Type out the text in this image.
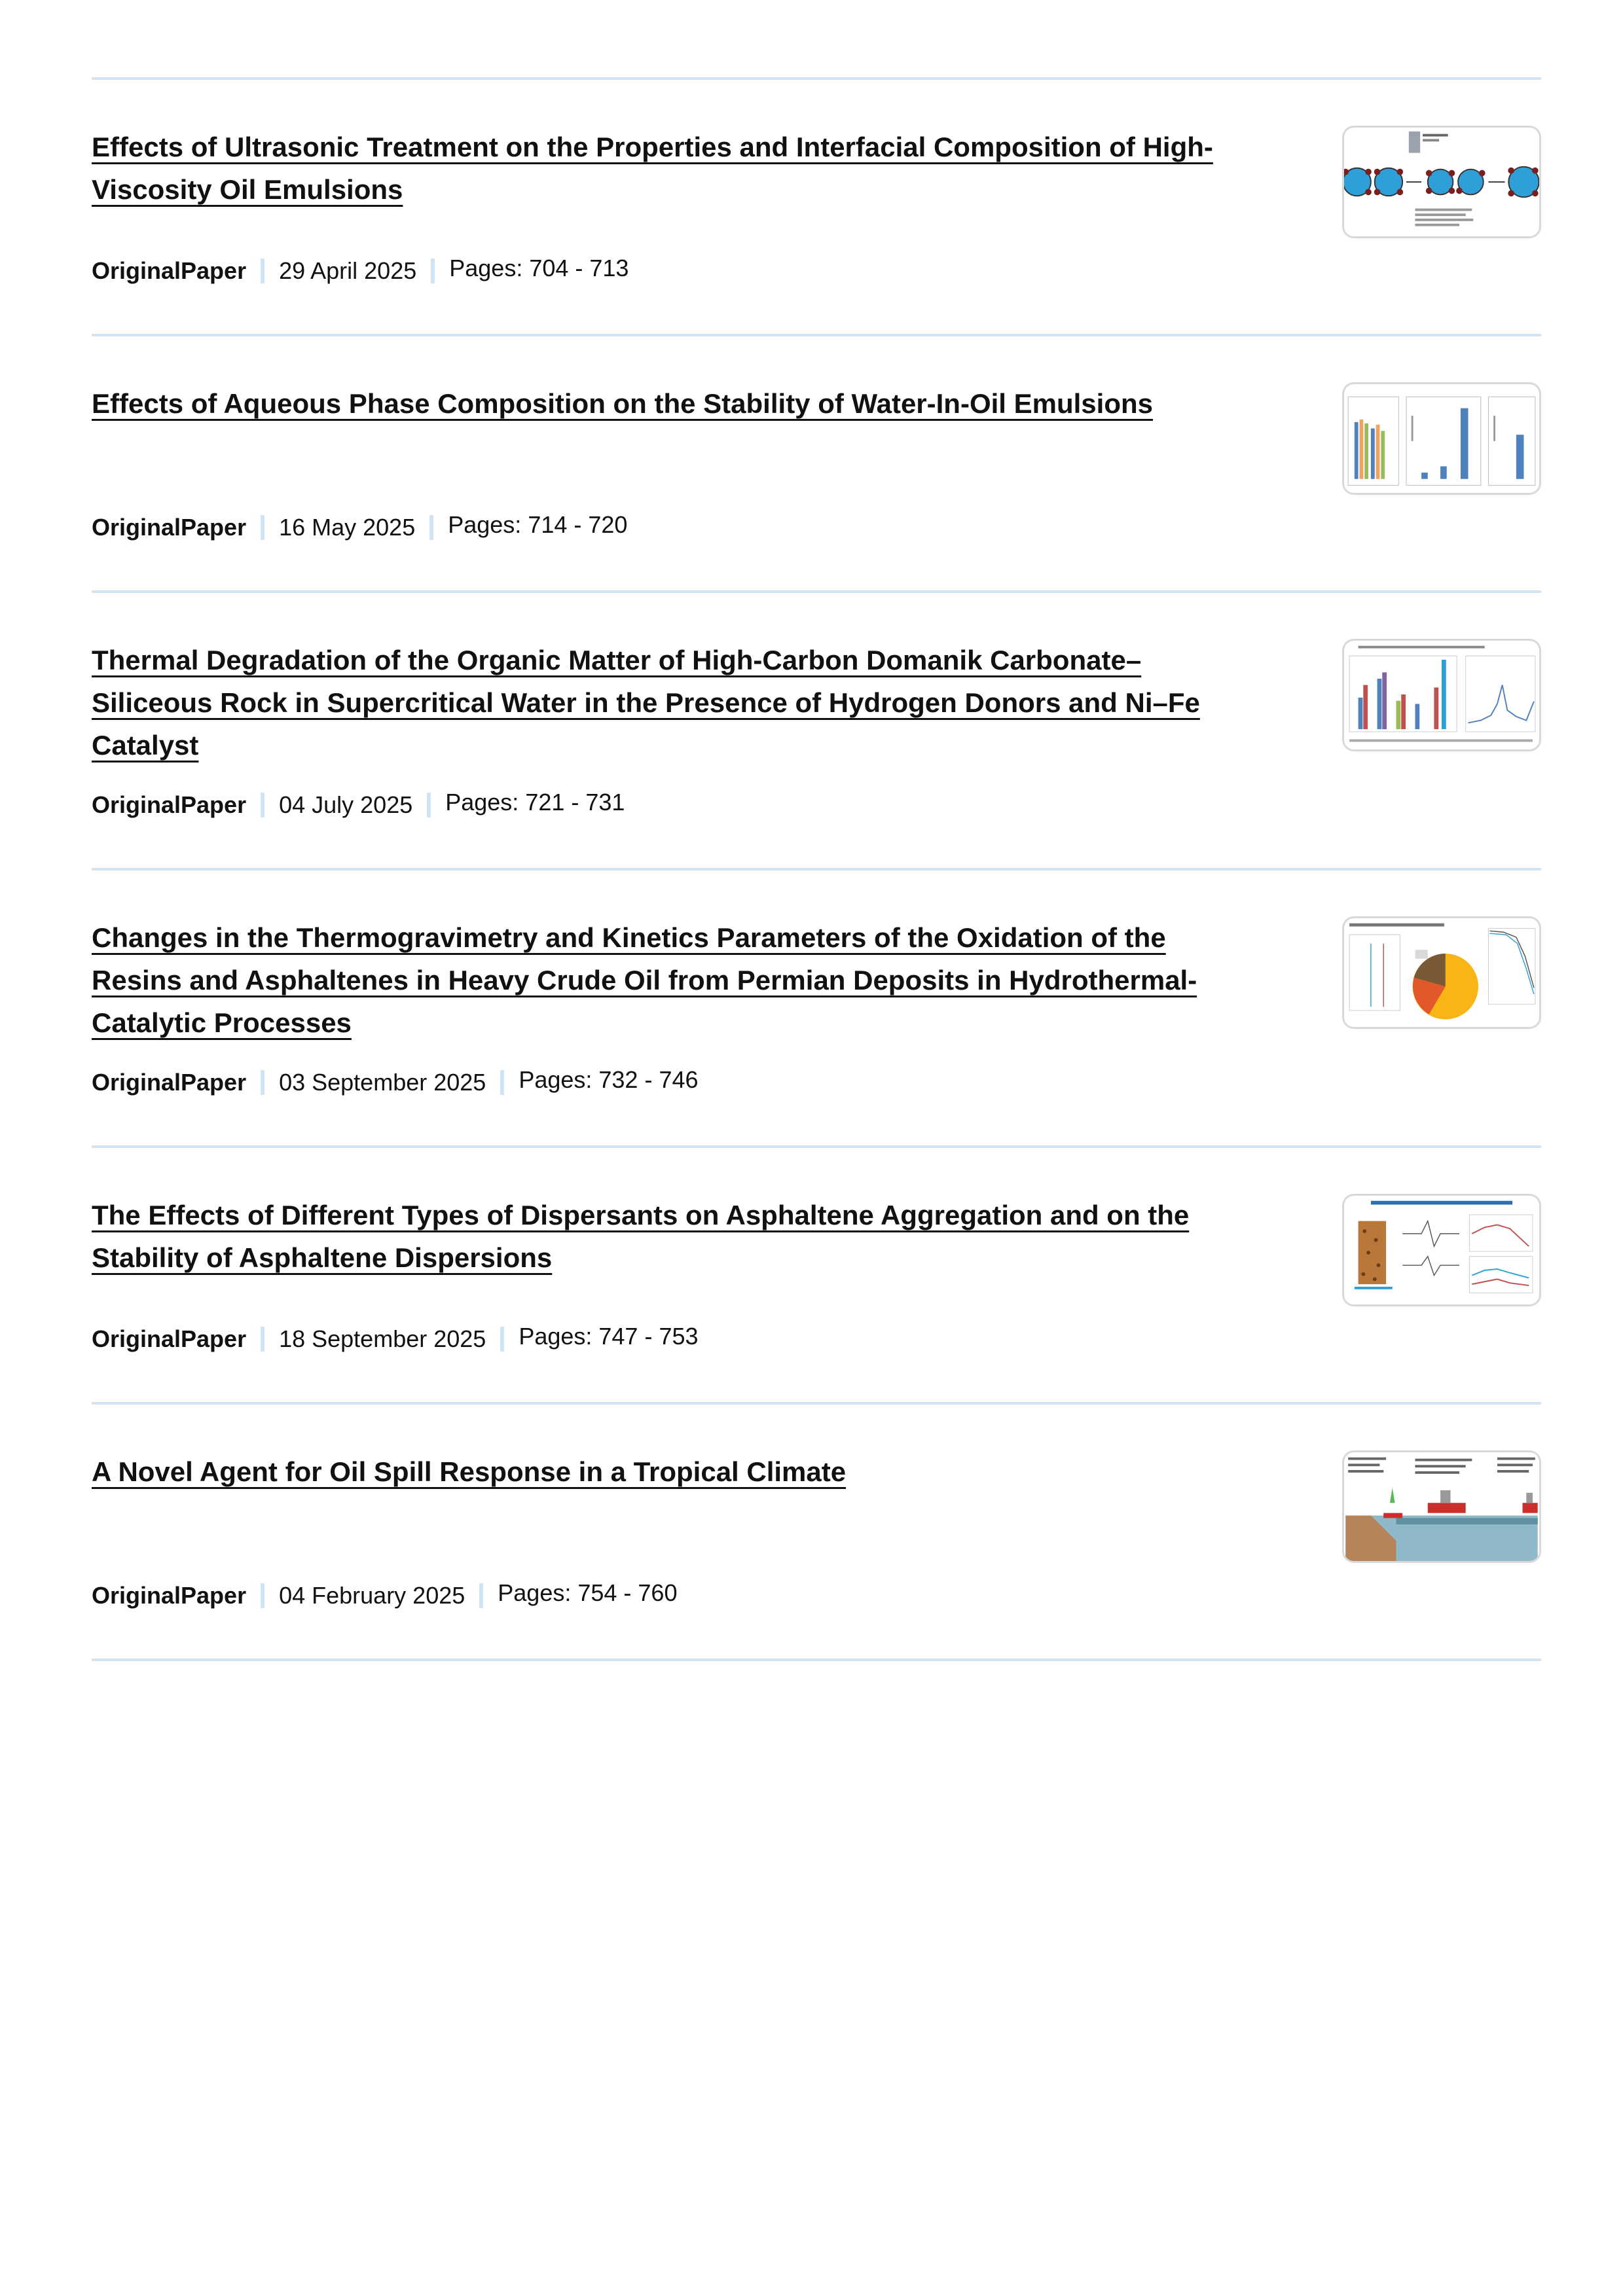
Effects of Ultrasonic Treatment on the Properties and Interfacial Composition of High-Viscosity Oil Emulsions
OriginalPaper 29 April 2025 Pages: 704 - 713
Effects of Aqueous Phase Composition on the Stability of Water-In-Oil Emulsions
OriginalPaper 16 May 2025 Pages: 714 - 720
Thermal Degradation of the Organic Matter of High-Carbon Domanik Carbonate–Siliceous Rock in Supercritical Water in the Presence of Hydrogen Donors and Ni–Fe Catalyst
OriginalPaper 04 July 2025 Pages: 721 - 731
Changes in the Thermogravimetry and Kinetics Parameters of the Oxidation of the Resins and Asphaltenes in Heavy Crude Oil from Permian Deposits in Hydrothermal-Catalytic Processes
OriginalPaper 03 September 2025 Pages: 732 - 746
The Effects of Different Types of Dispersants on Asphaltene Aggregation and on the Stability of Asphaltene Dispersions
OriginalPaper 18 September 2025 Pages: 747 - 753
A Novel Agent for Oil Spill Response in a Tropical Climate
OriginalPaper 04 February 2025 Pages: 754 - 760
